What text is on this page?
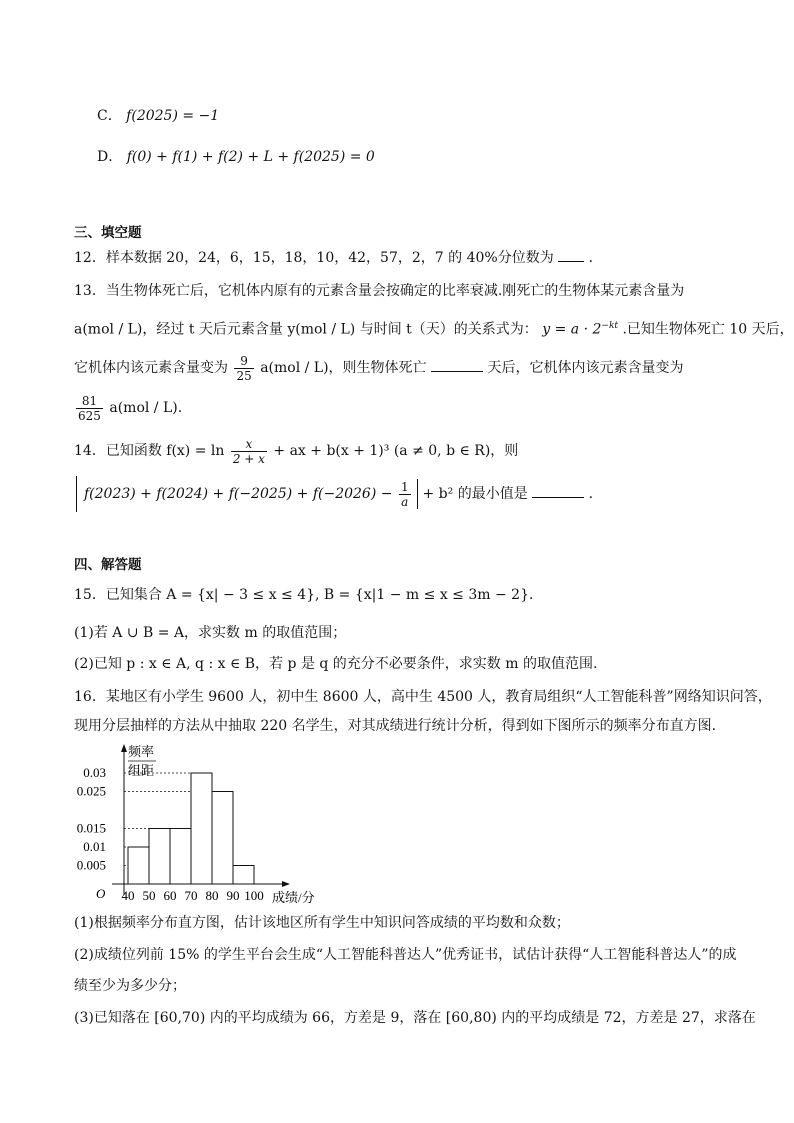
C． f(2025) = −1
D． f(0) + f(1) + f(2) + L + f(2025) = 0
三、填空题
12．样本数据 20，24，6，15，18，10，42，57，2，7 的 40%分位数为 ．
13．当生物体死亡后，它机体内原有的元素含量会按确定的比率衰减.刚死亡的生物体某元素含量为
a(mol / L)，经过 t 天后元素含量 y(mol / L) 与时间 t（天）的关系式为： $y = a \cdot 2^{-kt}$ .已知生物体死亡 10 天后，
它机体内该元素含量变为 $\frac{9}{25} a(mol / L)$，则生物体死亡	天后，它机体内该元素含量变为
$\frac{81}{625} a(mol / L)$.
14．已知函数 $f(x) = \ln \frac{x}{2 + x}$ + ax + b(x + 1)³ (a ≠ 0, b ∈ R)，则
$f(2023) + f(2024) + f(-2025) + f(-2026) - \frac{1}{a} + b^2$ 的最小值是	.
四、解答题
15．已知集合 A = {x| − 3 ≤ x ≤ 4}, B = {x|1 − m ≤ x ≤ 3m − 2}．
(1)若 A ∪ B = A，求实数 m 的取值范围；
(2)已知 p : x ∈ A, q : x ∈ B，若 p 是 q 的充分不必要条件，求实数 m 的取值范围.
16．某地区有小学生 9600 人，初中生 8600 人，高中生 4500 人，教育局组织“人工智能科普”网络知识问答，
现用分层抽样的方法从中抽取 220 名学生，对其成绩进行统计分析，得到如下图所示的频率分布直方图.
频率
组距
O	成绩/分
40 50 60 70 80 90 100
0.005
0.01
0.015
0.025
0.03
(1)根据频率分布直方图，估计该地区所有学生中知识问答成绩的平均数和众数；
(2)成绩位列前 15% 的学生平台会生成“人工智能科普达人”优秀证书，试估计获得“人工智能科普达人”的成
绩至少为多少分；
(3)已知落在 [60,70) 内的平均成绩为 66，方差是 9，落在 [60,80) 内的平均成绩是 72，方差是 27，求落在
